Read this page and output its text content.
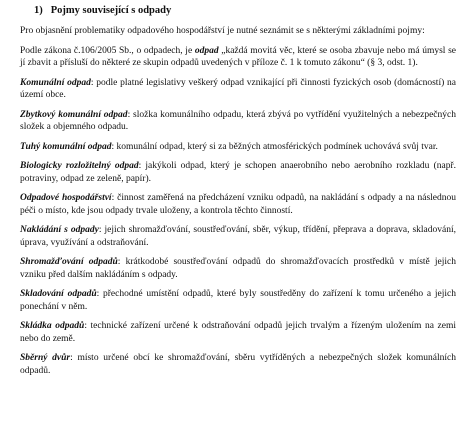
1) Pojmy související s odpady

Pro objasnění problematiky odpadového hospodářství je nutné seznámit se s některými základními pojmy:

Podle zákona č.106/2005 Sb., o odpadech, je odpad „každá movitá věc, které se osoba zbavuje nebo má úmysl se jí zbavit a přísluší do některé ze skupin odpadů uvedených v příloze č. 1 k tomuto zákonu“ (§ 3, odst. 1).

Komunální odpad: podle platné legislativy veškerý odpad vznikající při činnosti fyzických osob (domácností) na území obce.

Zbytkový komunální odpad: složka komunálního odpadu, která zbývá po vytřídění využitelných a nebezpečných složek a objemného odpadu.

Tuhý komunální odpad: komunální odpad, který si za běžných atmosférických podmínek uchovává svůj tvar.

Biologicky rozložitelný odpad: jakýkoli odpad, který je schopen anaerobního nebo aerobního rozkladu (např. potraviny, odpad ze zeleně, papír).

Odpadové hospodářství: činnost zaměřená na předcházení vzniku odpadů, na nakládání s odpady a na následnou péči o místo, kde jsou odpady trvale uloženy, a kontrola těchto činností.

Nakládání s odpady: jejich shromažďování, soustřeďování, sběr, výkup, třídění, přeprava a doprava, skladování, úprava, využívání a odstraňování.

Shromažďování odpadů: krátkodobé soustřeďování odpadů do shromažďovacích prostředků v místě jejich vzniku před dalším nakládáním s odpady.

Skladování odpadů: přechodné umístění odpadů, které byly soustředěny do zařízení k tomu určeného a jejich ponechání v něm.

Skládka odpadů: technické zařízení určené k odstraňování odpadů jejich trvalým a řízeným uložením na zemi nebo do země.

Sběrný dvůr: místo určené obcí ke shromažďování, sběru vytříděných a nebezpečných složek komunálních odpadů.
